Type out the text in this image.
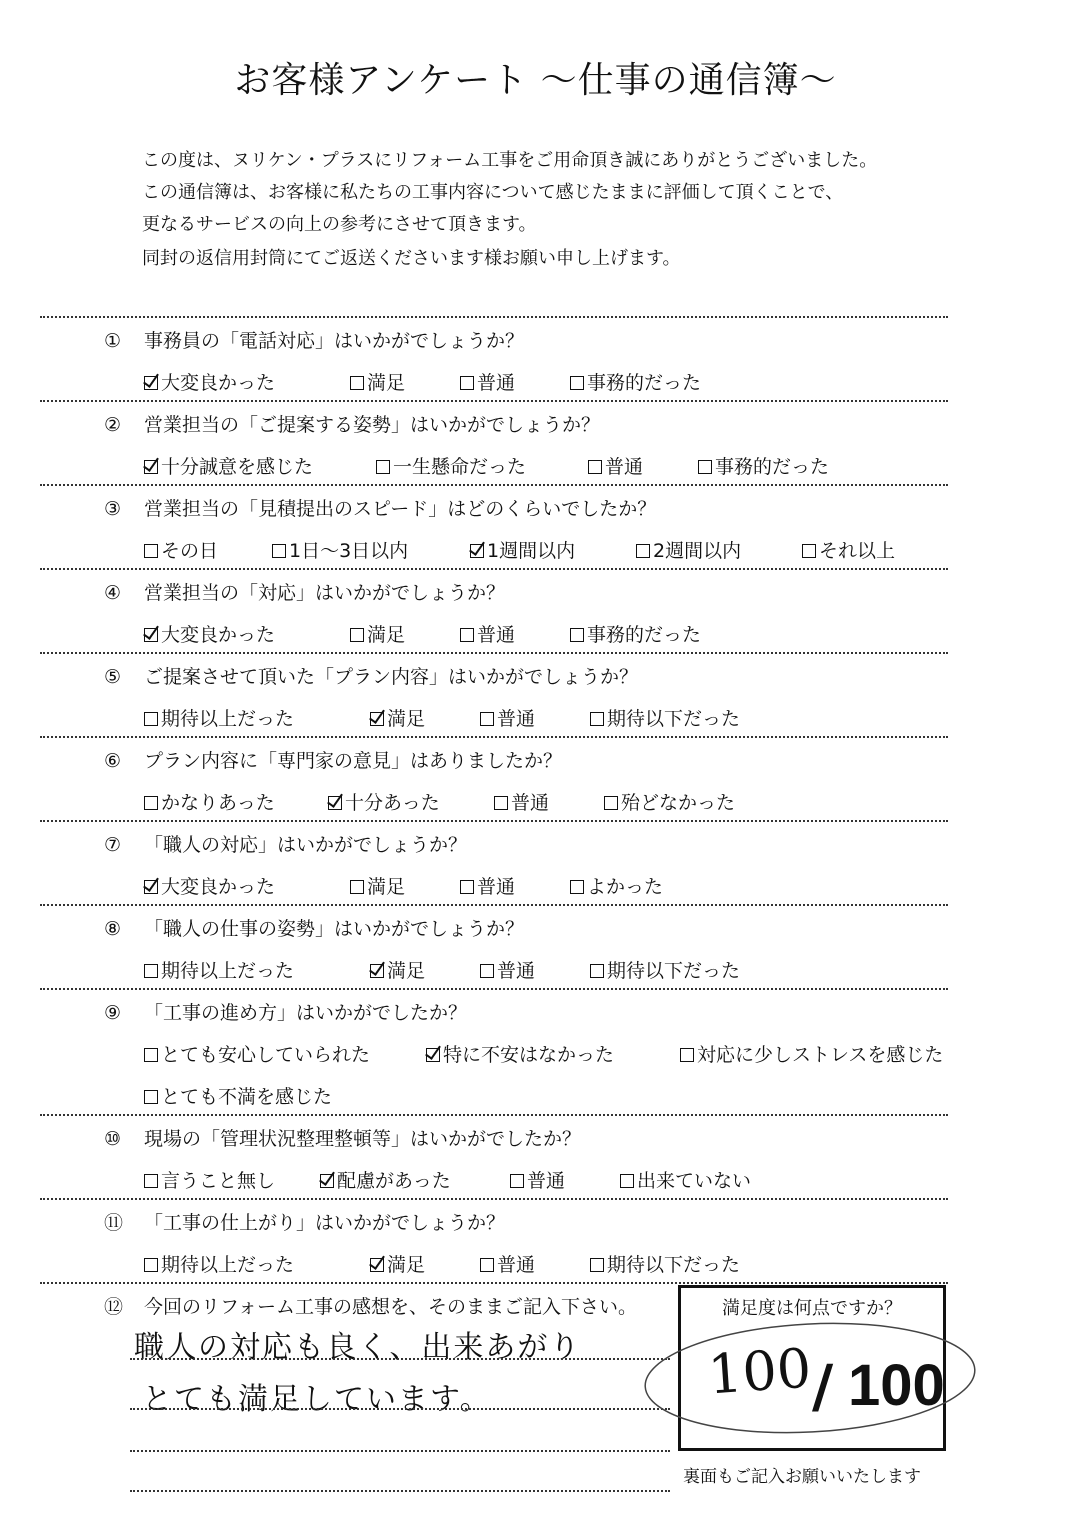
お客様アンケート ～仕事の通信簿～
この度は、ヌリケン・プラスにリフォーム工事をご用命頂き誠にありがとうございました。
この通信簿は、お客様に私たちの工事内容について感じたままに評価して頂くことで、
更なるサービスの向上の参考にさせて頂きます。
同封の返信用封筒にてご返送くださいます様お願い申し上げます。
① 事務員の「電話対応」はいかがでしょうか？
大変良かった	満足	普通	事務的だった
② 営業担当の「ご提案する姿勢」はいかがでしょうか？
十分誠意を感じた	一生懸命だった	普通	事務的だった
③ 営業担当の「見積提出のスピード」はどのくらいでしたか？
その日	1日～3日以内	1週間以内	2週間以内	それ以上
④ 営業担当の「対応」はいかがでしょうか？
大変良かった	満足	普通	事務的だった
⑤ ご提案させて頂いた「プラン内容」はいかがでしょうか？
期待以上だった	満足	普通	期待以下だった
⑥ プラン内容に「専門家の意見」はありましたか？
かなりあった	十分あった	普通	殆どなかった
⑦ 「職人の対応」はいかがでしょうか？
大変良かった	満足	普通	よかった
⑧ 「職人の仕事の姿勢」はいかがでしょうか？
期待以上だった	満足	普通	期待以下だった
⑨ 「工事の進め方」はいかがでしたか？
とても安心していられた	特に不安はなかった	対応に少しストレスを感じた
とても不満を感じた
⑩ 現場の「管理状況整理整頓等」はいかがでしたか？
言うこと無し	配慮があった	普通	出来ていない
⑪ 「工事の仕上がり」はいかがでしょうか？
期待以上だった	満足	普通	期待以下だった
⑫ 今回のリフォーム工事の感想を、そのままご記入下さい。
職人の対応も良く、出来あがり
とても満足しています。
満足度は何点ですか？
100
/ 100
裏面もご記入お願いいたします
